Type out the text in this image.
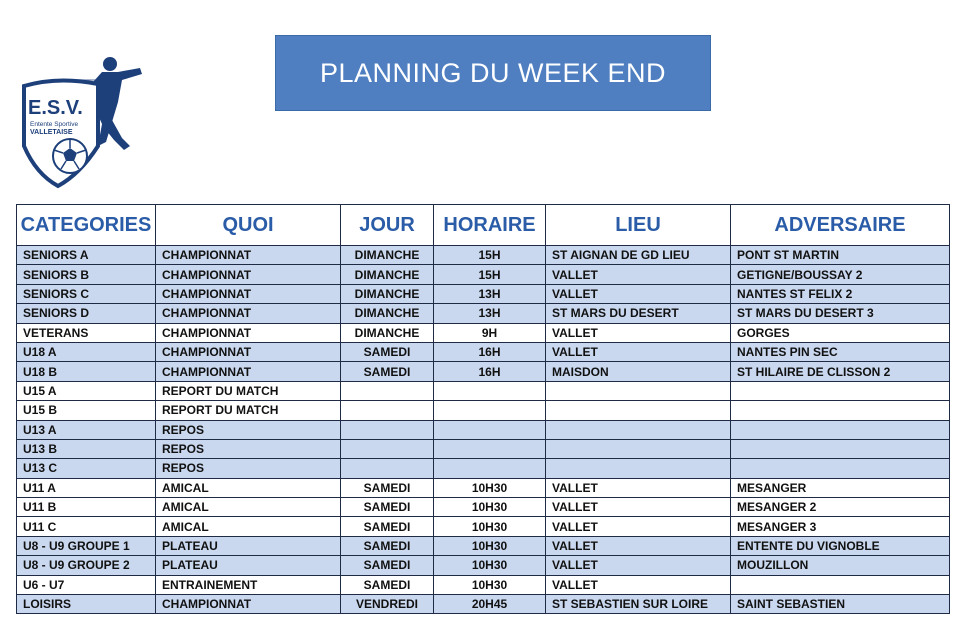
E.S.V.
Entente Sportive
VALLETAISE
PLANNING DU WEEK END
CATEGORIES	QUOI	JOUR	HORAIRE	LIEU	ADVERSAIRE
SENIORS A	CHAMPIONNAT	DIMANCHE	15H	ST AIGNAN DE GD LIEU	PONT ST MARTIN
SENIORS B	CHAMPIONNAT	DIMANCHE	15H	VALLET	GETIGNE/BOUSSAY 2
SENIORS C	CHAMPIONNAT	DIMANCHE	13H	VALLET	NANTES ST FELIX 2
SENIORS D	CHAMPIONNAT	DIMANCHE	13H	ST MARS DU DESERT	ST MARS DU DESERT 3
VETERANS	CHAMPIONNAT	DIMANCHE	9H	VALLET	GORGES
U18 A	CHAMPIONNAT	SAMEDI	16H	VALLET	NANTES PIN SEC
U18 B	CHAMPIONNAT	SAMEDI	16H	MAISDON	ST HILAIRE DE CLISSON 2
U15 A	REPORT DU MATCH				
U15 B	REPORT DU MATCH				
U13 A	REPOS				
U13 B	REPOS				
U13 C	REPOS				
U11 A	AMICAL	SAMEDI	10H30	VALLET	MESANGER
U11 B	AMICAL	SAMEDI	10H30	VALLET	MESANGER 2
U11 C	AMICAL	SAMEDI	10H30	VALLET	MESANGER 3
U8 - U9 GROUPE 1	PLATEAU	SAMEDI	10H30	VALLET	ENTENTE DU VIGNOBLE
U8 - U9 GROUPE 2	PLATEAU	SAMEDI	10H30	VALLET	MOUZILLON
U6 - U7	ENTRAINEMENT	SAMEDI	10H30	VALLET	
LOISIRS	CHAMPIONNAT	VENDREDI	20H45	ST SEBASTIEN SUR LOIRE	SAINT SEBASTIEN
